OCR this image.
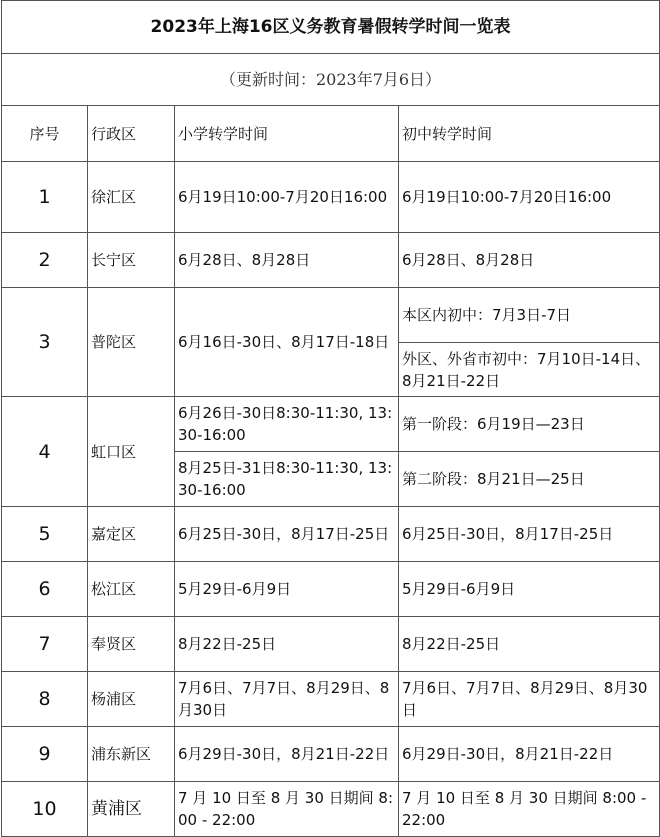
2023年上海16区义务教育暑假转学时间一览表			
（更新时间：2023年7月6日）			
序号	行政区	小学转学时间	初中转学时间
1	徐汇区	6月19日10:00-7月20日16:00	6月19日10:00-7月20日16:00
2	长宁区	6月28日、8月28日	6月28日、8月28日
3	普陀区	6月16日-30日、8月17日-18日	本区内初中：7月3日-7日
			外区、外省市初中：7月10日-14日、8月21日-22日
4	虹口区	6月26日-30日8:30-11:30, 13:30-16:00	第一阶段：6月19日—23日
		8月25日-31日8:30-11:30, 13:30-16:00	第二阶段：8月21日—25日
5	嘉定区	6月25日-30日，8月17日-25日	6月25日-30日，8月17日-25日
6	松江区	5月29日-6月9日	5月29日-6月9日
7	奉贤区	8月22日-25日	8月22日-25日
8	杨浦区	7月6日、7月7日、8月29日、8月30日	7月6日、7月7日、8月29日、8月30日
9	浦东新区	6月29日-30日，8月21日-22日	6月29日-30日，8月21日-22日
10	黄浦区	7 月 10 日至 8 月 30 日期间 8:00 - 22:00	7 月 10 日至 8 月 30 日期间 8:00 - 22:00
